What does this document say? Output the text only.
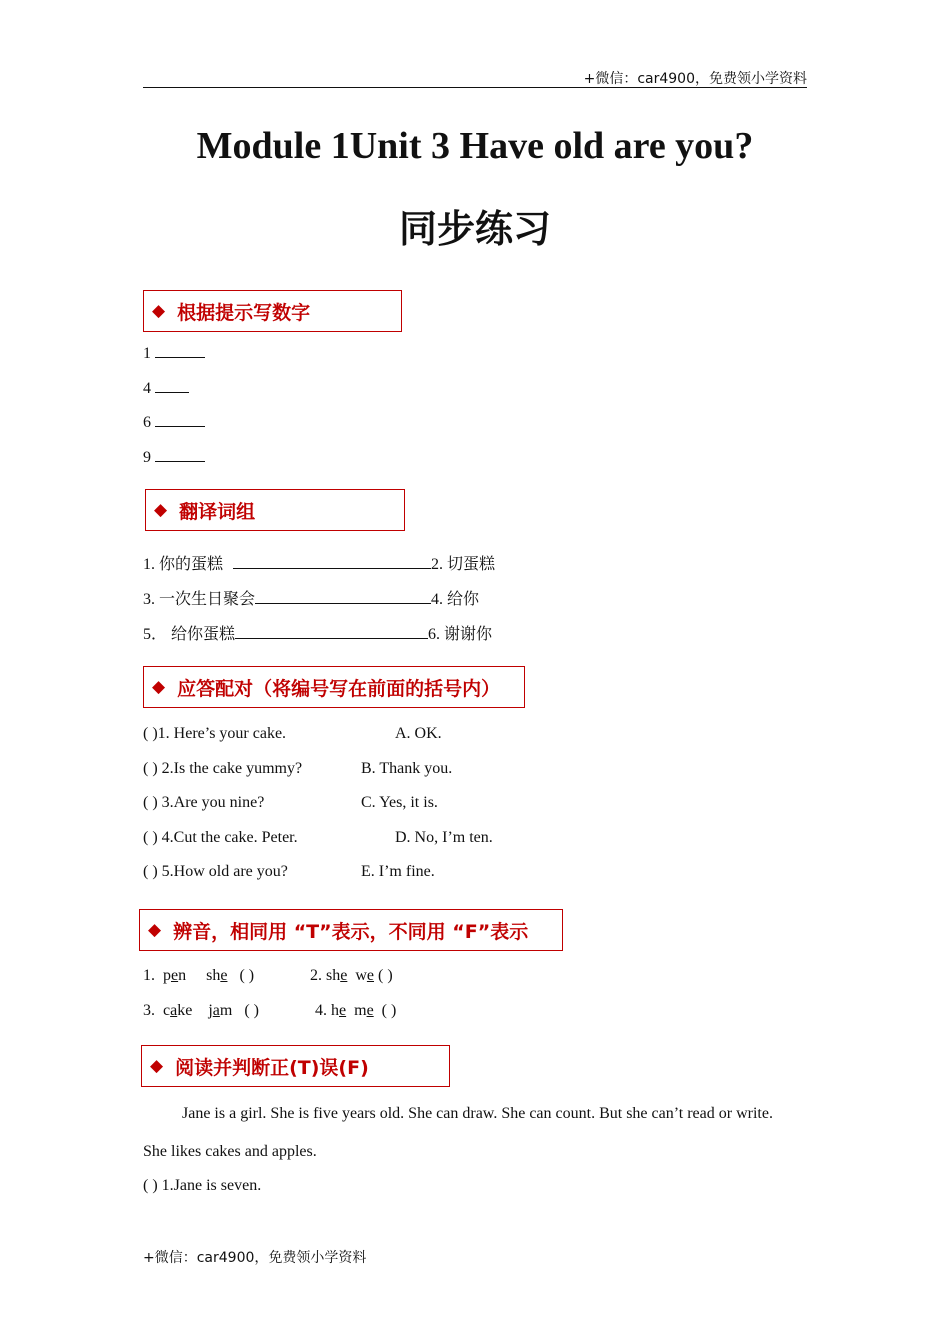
+微信：car4900，免费领小学资料
Module 1Unit 3 Have old are you?
同步练习
◆ 根据提示写数字
1
4
6
9
◆ 翻译词组
1. 你的蛋糕	2. 切蛋糕
3. 一次生日聚会	4. 给你
5． 给你蛋糕	6. 谢谢你
◆ 应答配对（将编号写在前面的括号内）
( )1. Here’s your cake.	A. OK.
( ) 2.Is the cake yummy?	B. Thank you.
( ) 3.Are you nine?	C. Yes, it is.
( ) 4.Cut the cake. Peter.	D. No, I’m ten.
( ) 5.How old are you?	E. I’m fine.
◆ 辨音，相同用 “T”表示，不同用 “F”表示
1. pen she ( )	2. she we ( )
3. cake jam ( )	4. he me ( )
◆ 阅读并判断正(T)误(F)
Jane is a girl. She is five years old. She can draw. She can count. But she can’t read or write.
She likes cakes and apples.
( ) 1.Jane is seven.
+微信：car4900，免费领小学资料
